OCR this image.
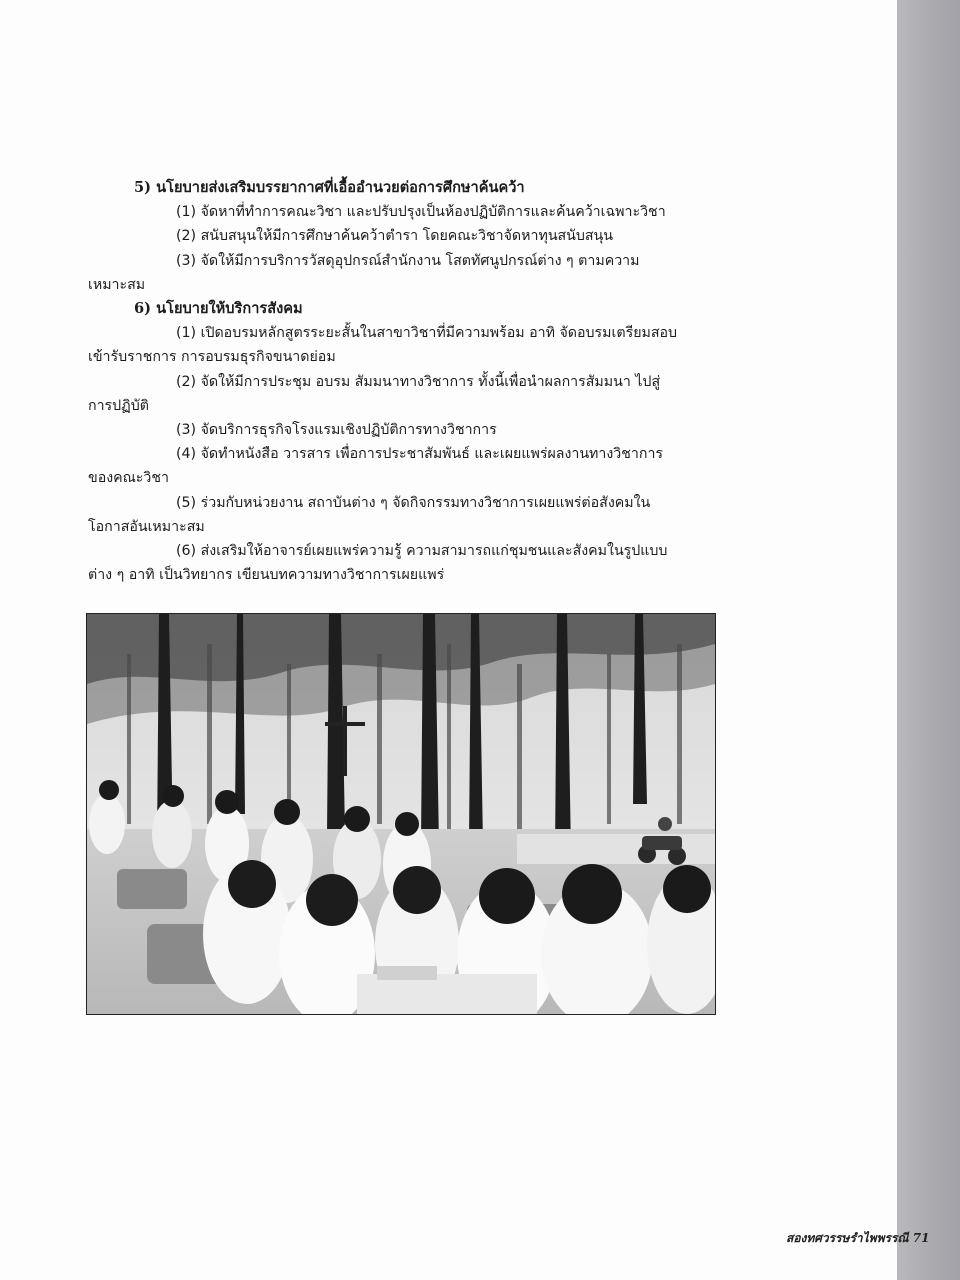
5) นโยบายส่งเสริมบรรยากาศที่เอื้ออำนวยต่อการศึกษาค้นคว้า
(1) จัดหาที่ทำการคณะวิชา และปรับปรุงเป็นห้องปฏิบัติการและค้นคว้าเฉพาะวิชา
(2) สนับสนุนให้มีการศึกษาค้นคว้าตำรา โดยคณะวิชาจัดหาทุนสนับสนุน
(3) จัดให้มีการบริการวัสดุอุปกรณ์สำนักงาน โสตทัศนูปกรณ์ต่าง ๆ ตามความ
เหมาะสม
6) นโยบายให้บริการสังคม
(1) เปิดอบรมหลักสูตรระยะสั้นในสาขาวิชาที่มีความพร้อม อาทิ จัดอบรมเตรียมสอบ
เข้ารับราชการ การอบรมธุรกิจขนาดย่อม
(2) จัดให้มีการประชุม อบรม สัมมนาทางวิชาการ ทั้งนี้เพื่อนำผลการสัมมนา ไปสู่
การปฏิบัติ
(3) จัดบริการธุรกิจโรงแรมเชิงปฏิบัติการทางวิชาการ
(4) จัดทำหนังสือ วารสาร เพื่อการประชาสัมพันธ์ และเผยแพร่ผลงานทางวิชาการ
ของคณะวิชา
(5) ร่วมกับหน่วยงาน สถาบันต่าง ๆ จัดกิจกรรมทางวิชาการเผยแพร่ต่อสังคมใน
โอกาสอันเหมาะสม
(6) ส่งเสริมให้อาจารย์เผยแพร่ความรู้ ความสามารถแก่ชุมชนและสังคมในรูปแบบ
ต่าง ๆ อาทิ เป็นวิทยากร เขียนบทความทางวิชาการเผยแพร่
สองทศวรรษรำไพพรรณี 71
